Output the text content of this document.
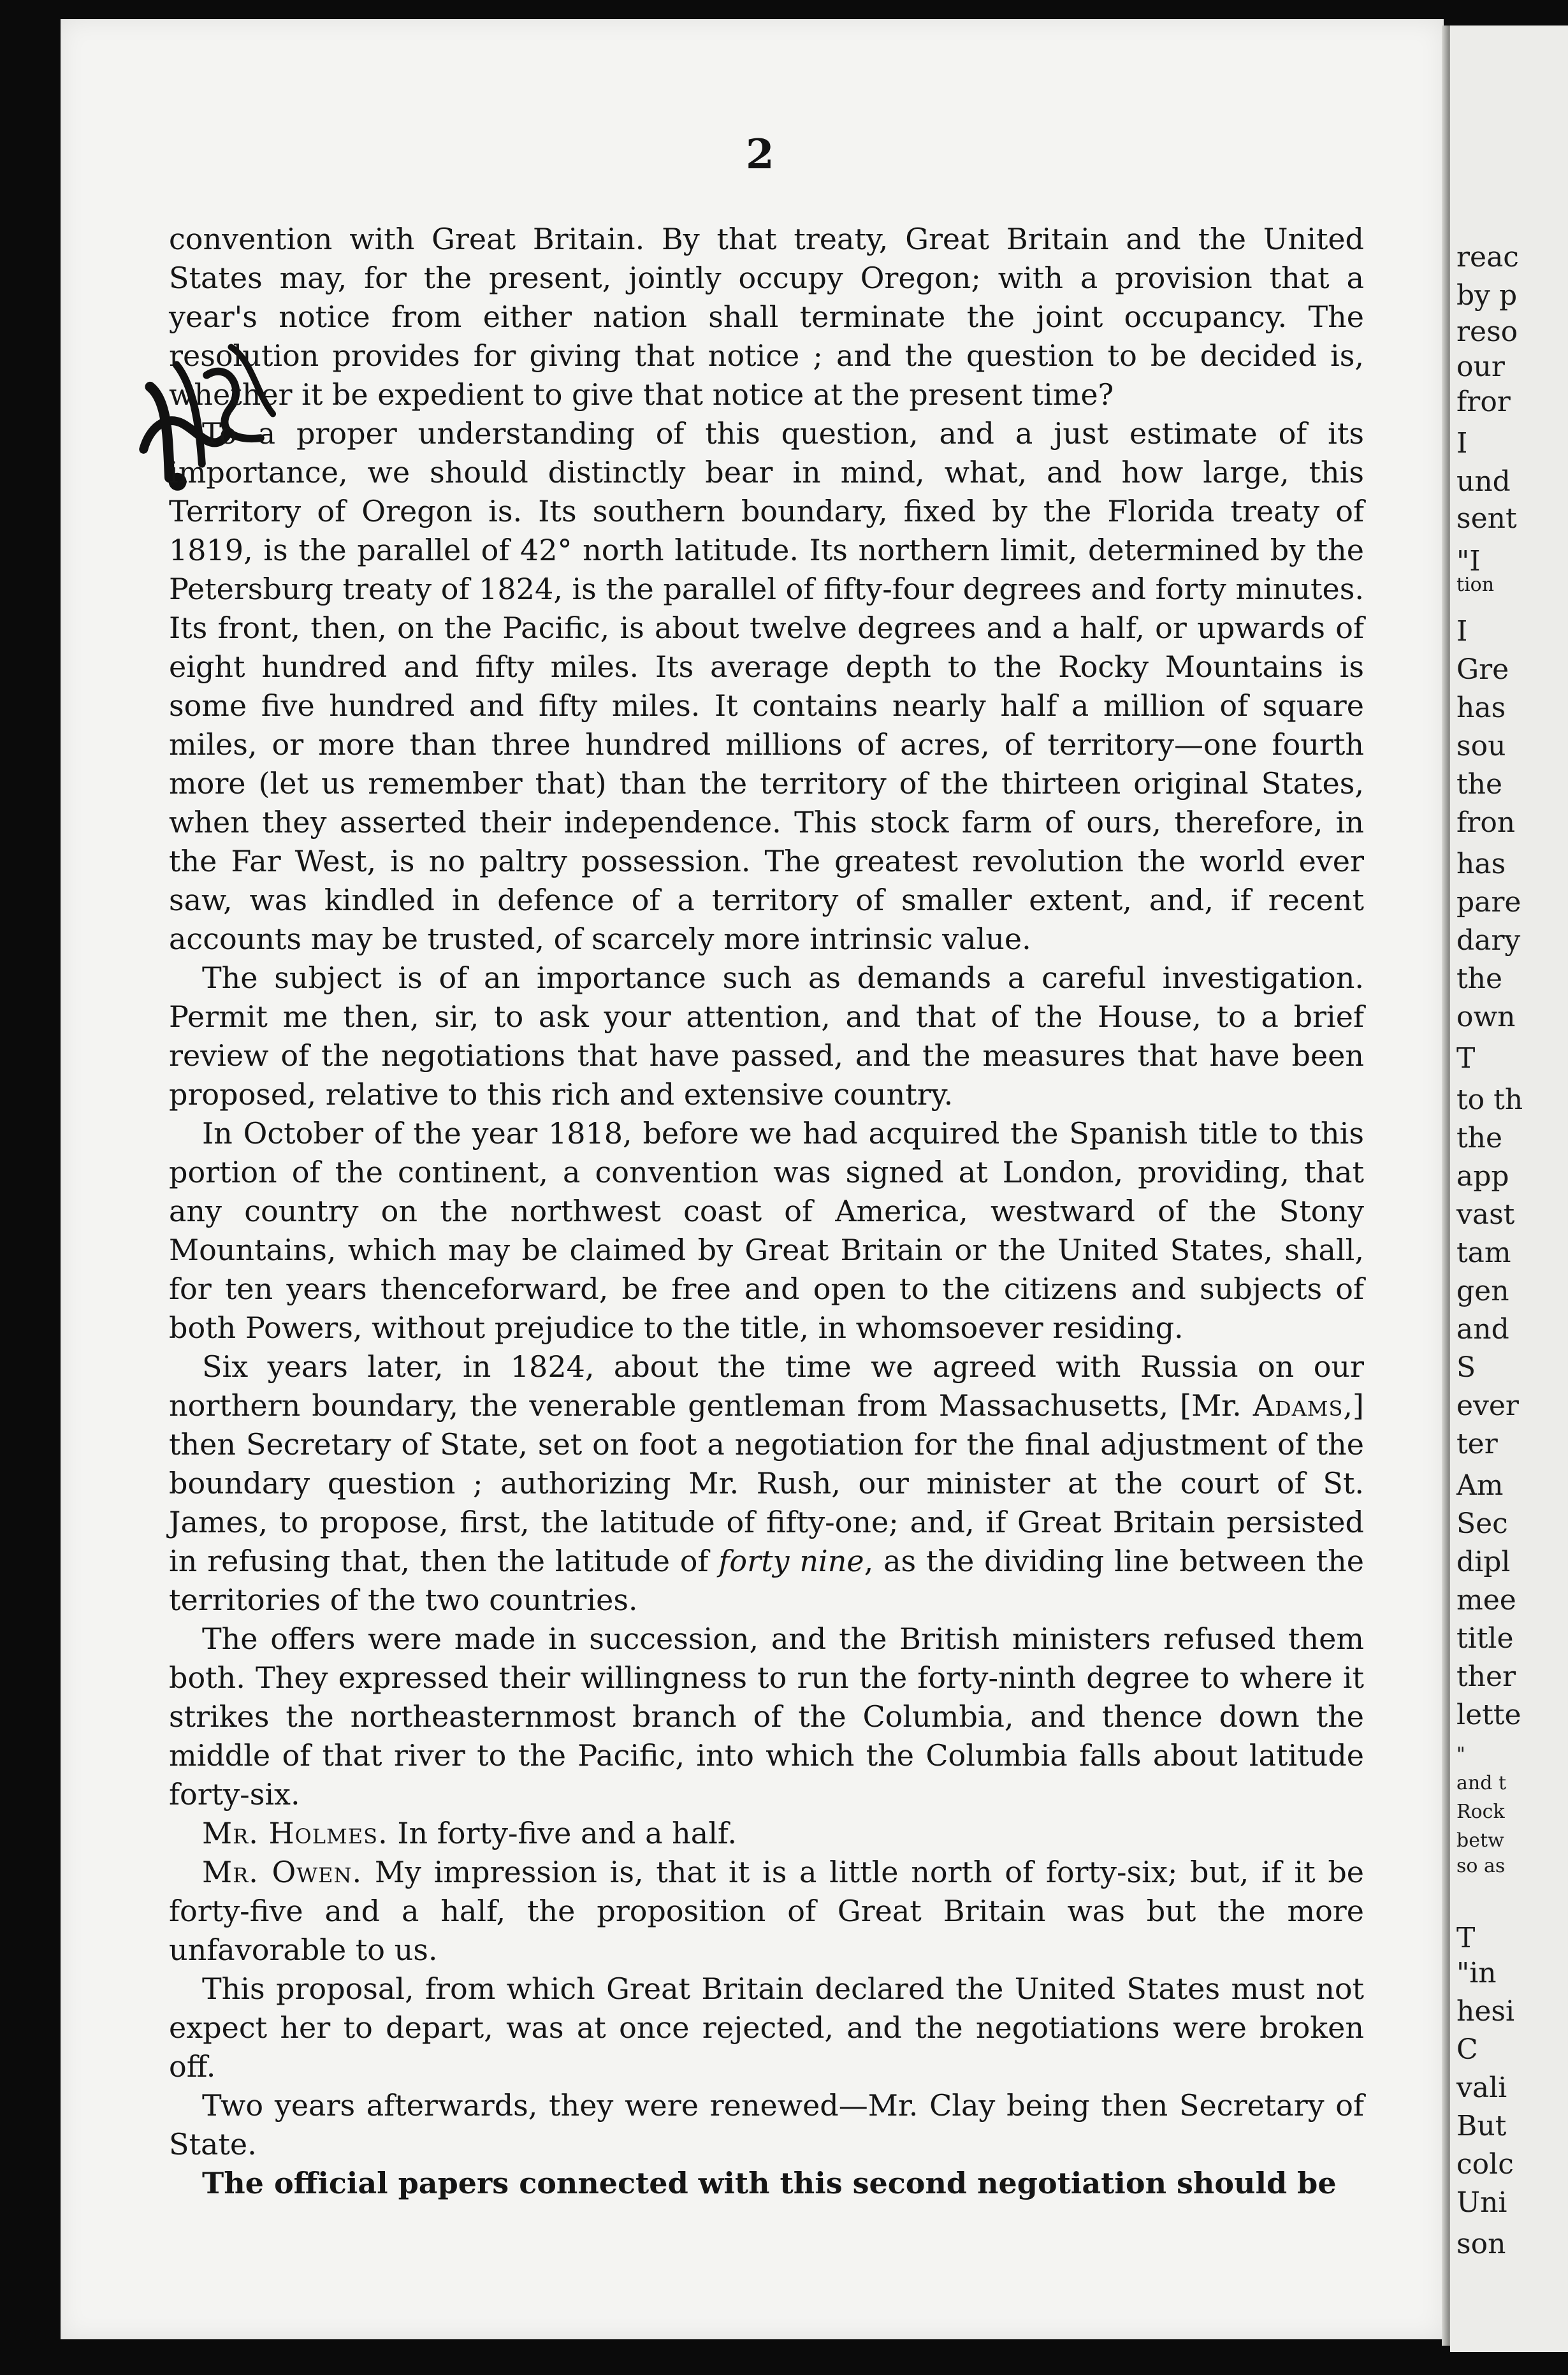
reac
by p
reso
our
fror
I
und
sent
"I
tion
I
Gre
has
sou
the
fron
has
pare
dary
the
own
T
to th
the
app
vast
tam
gen
and
S
ever
ter
Am
Sec
dipl
mee
title
ther
lette
"
and t
Rock
betw
so as
T
"in
hesi
C
vali
But
colc
Uni
son
2

convention with Great Britain. By that treaty, Great Britain and the United States may, for the present, jointly occupy Oregon; with a provision that a year's notice from either nation shall terminate the joint occupancy. The resolution provides for giving that notice ; and the question to be decided is, whether it be expedient to give that notice at the present time?

To a proper understanding of this question, and a just estimate of its importance, we should distinctly bear in mind, what, and how large, this Territory of Oregon is. Its southern boundary, fixed by the Florida treaty of 1819, is the parallel of 42° north latitude. Its northern limit, determined by the Petersburg treaty of 1824, is the parallel of fifty-four degrees and forty minutes. Its front, then, on the Pacific, is about twelve degrees and a half, or upwards of eight hundred and fifty miles. Its average depth to the Rocky Mountains is some five hundred and fifty miles. It contains nearly half a million of square miles, or more than three hundred millions of acres, of territory—one fourth more (let us remember that) than the territory of the thirteen original States, when they asserted their independence. This stock farm of ours, therefore, in the Far West, is no paltry possession. The greatest revolution the world ever saw, was kindled in defence of a territory of smaller extent, and, if recent accounts may be trusted, of scarcely more intrinsic value.

The subject is of an importance such as demands a careful investigation. Permit me then, sir, to ask your attention, and that of the House, to a brief review of the negotiations that have passed, and the measures that have been proposed, relative to this rich and extensive country.

In October of the year 1818, before we had acquired the Spanish title to this portion of the continent, a convention was signed at London, providing, that any country on the northwest coast of America, westward of the Stony Mountains, which may be claimed by Great Britain or the United States, shall, for ten years thenceforward, be free and open to the citizens and subjects of both Powers, without prejudice to the title, in whomsoever residing.

Six years later, in 1824, about the time we agreed with Russia on our northern boundary, the venerable gentleman from Massachusetts, [Mr. Adams,] then Secretary of State, set on foot a negotiation for the final adjustment of the boundary question ; authorizing Mr. Rush, our minister at the court of St. James, to propose, first, the latitude of fifty-one; and, if Great Britain persisted in refusing that, then the latitude of forty nine, as the dividing line between the territories of the two countries.

The offers were made in succession, and the British ministers refused them both. They expressed their willingness to run the forty-ninth degree to where it strikes the northeasternmost branch of the Columbia, and thence down the middle of that river to the Pacific, into which the Columbia falls about latitude forty-six.

Mr. Holmes. In forty-five and a half.

Mr. Owen. My impression is, that it is a little north of forty-six; but, if it be forty-five and a half, the proposition of Great Britain was but the more unfavorable to us.

This proposal, from which Great Britain declared the United States must not expect her to depart, was at once rejected, and the negotiations were broken off.

Two years afterwards, they were renewed—Mr. Clay being then Secretary of State.

The official papers connected with this second negotiation should be
